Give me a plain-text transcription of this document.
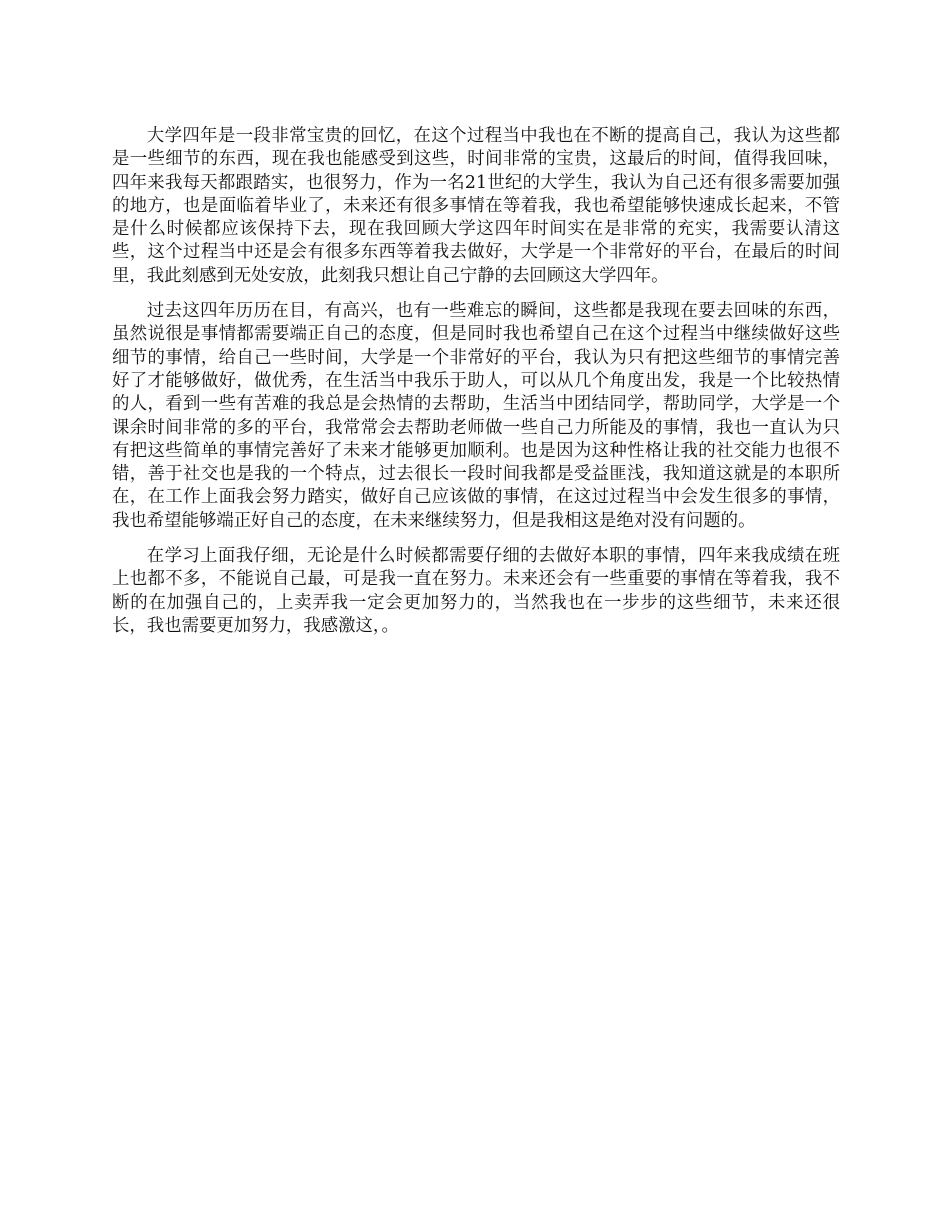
大学四年是一段非常宝贵的回忆，在这个过程当中我也在不断的提高自己，我认为这些都是一些细节的东西，现在我也能感受到这些，时间非常的宝贵，这最后的时间，值得我回味，四年来我每天都跟踏实，也很努力，作为一名21世纪的大学生，我认为自己还有很多需要加强的地方，也是面临着毕业了，未来还有很多事情在等着我，我也希望能够快速成长起来，不管是什么时候都应该保持下去，现在我回顾大学这四年时间实在是非常的充实，我需要认清这些，这个过程当中还是会有很多东西等着我去做好，大学是一个非常好的平台，在最后的时间里，我此刻感到无处安放，此刻我只想让自己宁静的去回顾这大学四年。

过去这四年历历在目，有高兴，也有一些难忘的瞬间，这些都是我现在要去回味的东西，虽然说很是事情都需要端正自己的态度，但是同时我也希望自己在这个过程当中继续做好这些细节的事情，给自己一些时间，大学是一个非常好的平台，我认为只有把这些细节的事情完善好了才能够做好，做优秀，在生活当中我乐于助人，可以从几个角度出发，我是一个比较热情的人，看到一些有苦难的我总是会热情的去帮助，生活当中团结同学，帮助同学，大学是一个课余时间非常的多的平台，我常常会去帮助老师做一些自己力所能及的事情，我也一直认为只有把这些简单的事情完善好了未来才能够更加顺利。也是因为这种性格让我的社交能力也很不错，善于社交也是我的一个特点，过去很长一段时间我都是受益匪浅，我知道这就是的本职所在，在工作上面我会努力踏实，做好自己应该做的事情，在这过过程当中会发生很多的事情，我也希望能够端正好自己的态度，在未来继续努力，但是我相这是绝对没有问题的。

在学习上面我仔细，无论是什么时候都需要仔细的去做好本职的事情，四年来我成绩在班上也都不多，不能说自己最，可是我一直在努力。未来还会有一些重要的事情在等着我，我不断的在加强自己的，上卖弄我一定会更加努力的，当然我也在一步步的这些细节，未来还很长，我也需要更加努力，我感激这，。
